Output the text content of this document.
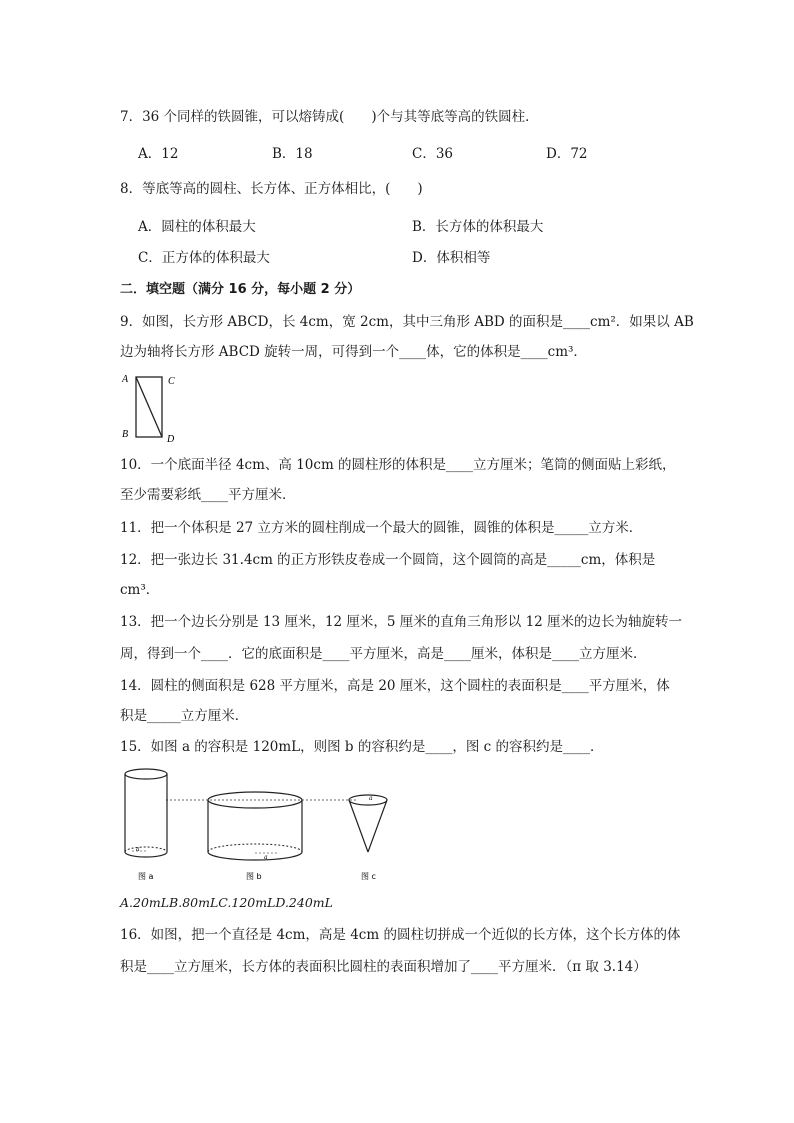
7．36 个同样的铁圆锥，可以熔铸成(　　)个与其等底等高的铁圆柱．
A．12	B．18	C．36	D．72
8．等底等高的圆柱、长方体、正方体相比，(　　)
A．圆柱的体积最大	B．长方体的体积最大
C．正方体的体积最大	D．体积相等
二．填空题（满分 16 分，每小题 2 分）
9．如图，长方形 ABCD，长 4cm，宽 2cm，其中三角形 ABD 的面积是____cm²．如果以 AB
边为轴将长方形 ABCD 旋转一周，可得到一个____体，它的体积是____cm³．
A	C
B	D
10．一个底面半径 4cm、高 10cm 的圆柱形的体积是____立方厘米；笔筒的侧面贴上彩纸，
至少需要彩纸____平方厘米．
11．把一个体积是 27 立方米的圆柱削成一个最大的圆锥，圆锥的体积是_____立方米．
12．把一张边长 31.4cm 的正方形铁皮卷成一个圆筒，这个圆筒的高是_____cm，体积是
cm³．
13．把一个边长分别是 13 厘米，12 厘米，5 厘米的直角三角形以 12 厘米的边长为轴旋转一
周，得到一个____．它的底面积是____平方厘米，高是____厘米，体积是____立方厘米．
14．圆柱的侧面积是 628 平方厘米，高是 20 厘米，这个圆柱的表面积是____平方厘米，体
积是_____立方厘米．
15．如图 a 的容积是 120mL，则图 b 的容积约是____，图 c 的容积约是____．
a
a
a
图 a	图 b	图 c
A.20mLB.80mLC.120mLD.240mL
16．如图，把一个直径是 4cm，高是 4cm 的圆柱切拼成一个近似的长方体，这个长方体的体
积是____立方厘米，长方体的表面积比圆柱的表面积增加了____平方厘米．（π 取 3.14）
